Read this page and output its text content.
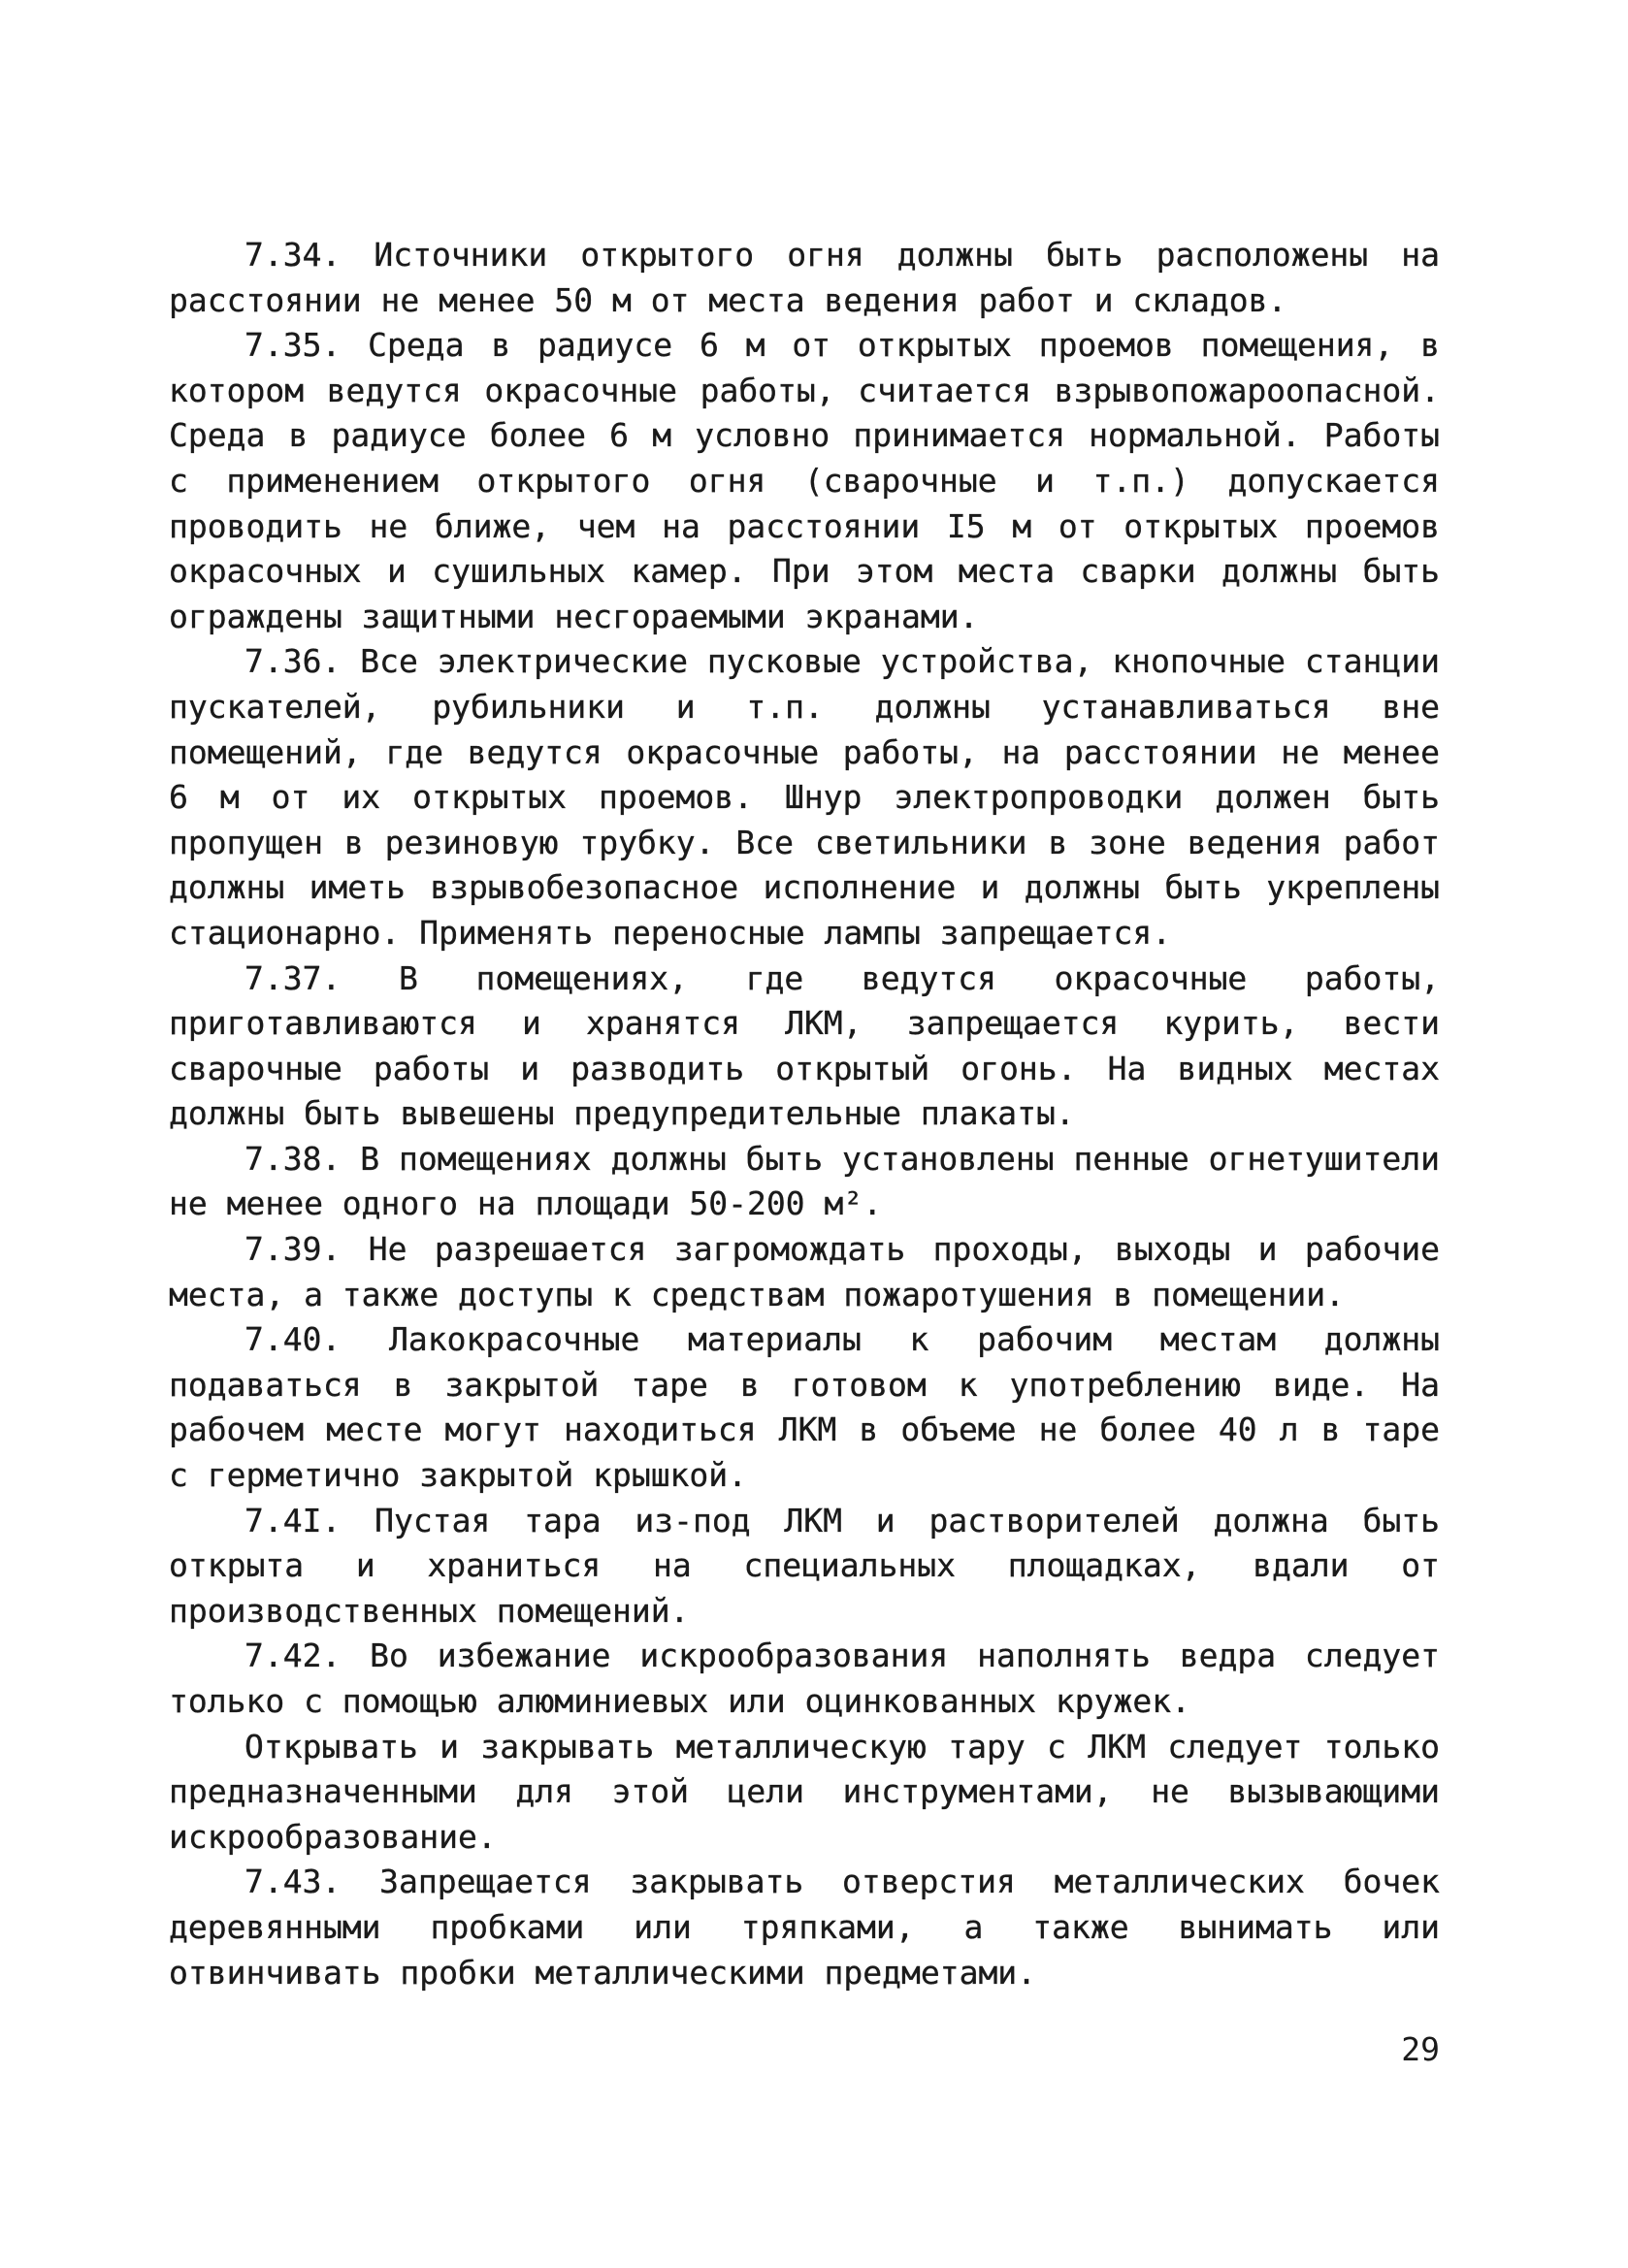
7.34. Источники открытого огня должны быть расположены на расстоянии не менее 50 м от места ведения работ и складов.

7.35. Среда в радиусе 6 м от открытых проемов помещения, в котором ведутся окрасочные работы, считается взрывопожароопасной. Среда в радиусе более 6 м условно принимается нормальной. Работы с применением открытого огня (сварочные и т.п.) допускается проводить не ближе, чем на расстоянии I5 м от открытых проемов окрасочных и сушильных камер. При этом места сварки должны быть ограждены защитными несгораемыми экранами.

7.36. Все электрические пусковые устройства, кнопочные станции пускателей, рубильники и т.п. должны устанавливаться вне помещений, где ведутся окрасочные работы, на расстоянии не менее 6 м от их открытых проемов. Шнур электропроводки должен быть пропущен в резиновую трубку. Все светильники в зоне ведения работ должны иметь взрывобезопасное исполнение и должны быть укреплены стационарно. Применять переносные лампы запрещается.

7.37. В помещениях, где ведутся окрасочные работы, приготавливаются и хранятся ЛКМ, запрещается курить, вести сварочные работы и разводить открытый огонь. На видных местах должны быть вывешены предупредительные плакаты.

7.38. В помещениях должны быть установлены пенные огнетушители не менее одного на площади 50-200 м².

7.39. Не разрешается загромождать проходы, выходы и рабочие места, а также доступы к средствам пожаротушения в помещении.

7.40. Лакокрасочные материалы к рабочим местам должны подаваться в закрытой таре в готовом к употреблению виде. На рабочем месте могут находиться ЛКМ в объеме не более 40 л в таре с герметично закрытой крышкой.

7.4I. Пустая тара из-под ЛКМ и растворителей должна быть открыта и храниться на специальных площадках, вдали от производственных помещений.

7.42. Во избежание искрообразования наполнять ведра следует только с помощью алюминиевых или оцинкованных кружек.

Открывать и закрывать металлическую тару с ЛКМ следует только предназначенными для этой цели инструментами, не вызывающими искрообразование.

7.43. Запрещается закрывать отверстия металлических бочек деревянными пробками или тряпками, а также вынимать или отвинчивать пробки металлическими предметами.

29
